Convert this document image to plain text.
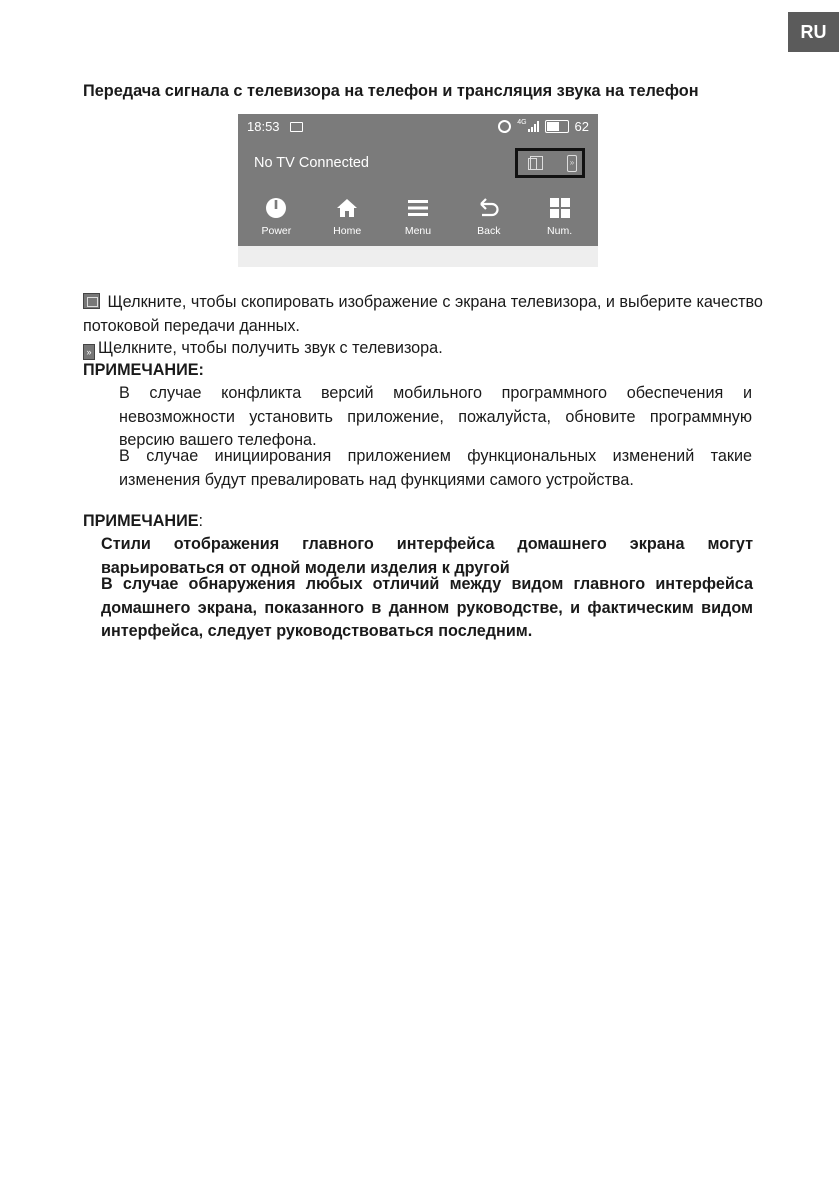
RU
Передача сигнала с телевизора на телефон и трансляция звука на телефон
18:53	4G	62
No TV Connected	»
Power	Home	Menu	Back	Num.

Щелкните, чтобы скопировать изображение с экрана телевизора, и выберите качество потоковой передачи данных.

» Щелкните, чтобы получить звук с телевизора.

ПРИМЕЧАНИЕ:

В случае конфликта версий мобильного программного обеспечения и невозможности установить приложение, пожалуйста, обновите программную версию вашего телефона.

В случае инициирования приложением функциональных изменений такие изменения будут превалировать над функциями самого устройства.

ПРИМЕЧАНИЕ:

Стили отображения главного интерфейса домашнего экрана могут варьироваться от одной модели изделия к другой

В случае обнаружения любых отличий между видом главного интерфейса домашнего экрана, показанного в данном руководстве, и фактическим видом интерфейса, следует руководствоваться последним.
